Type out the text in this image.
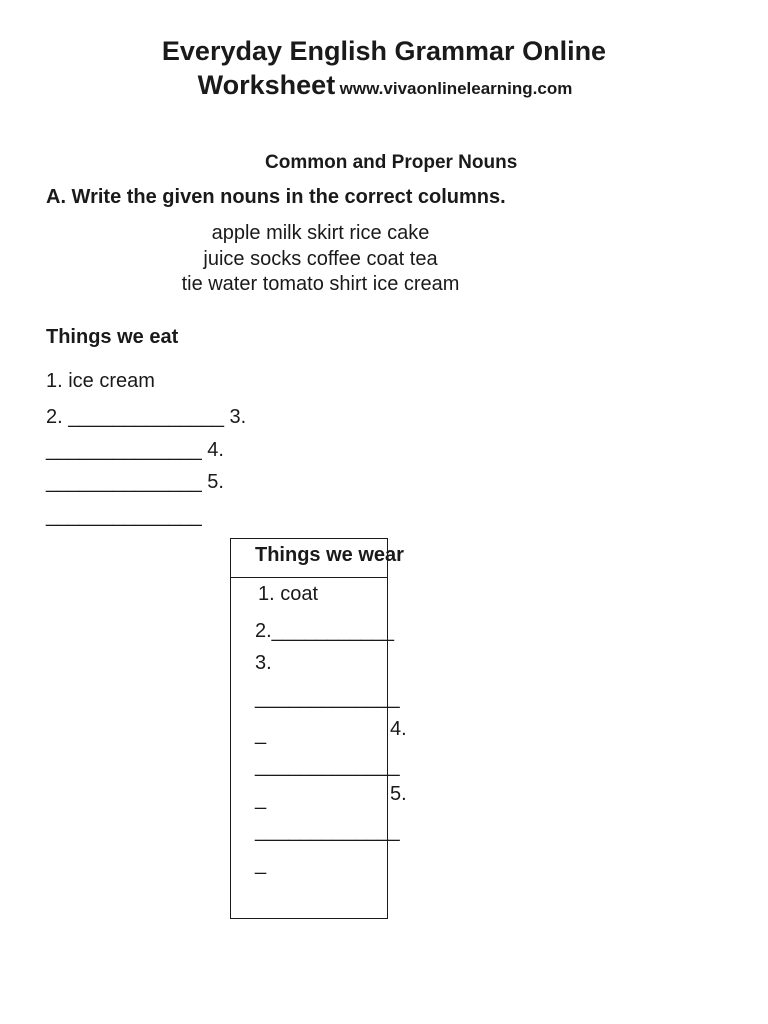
Everyday English Grammar Online
Worksheet www.vivaonlinelearning.com
Common and Proper Nouns
A. Write the given nouns in the correct columns.
apple milk skirt rice cake
juice socks coffee coat tea
tie water tomato shirt ice cream
Things we eat
1. ice cream
2. ______________ 3.
______________ 4.
______________ 5.
______________
Things we wear
1. coat
2.___________
3.
_____________
_	4.
_____________
_	5.
_____________
_
